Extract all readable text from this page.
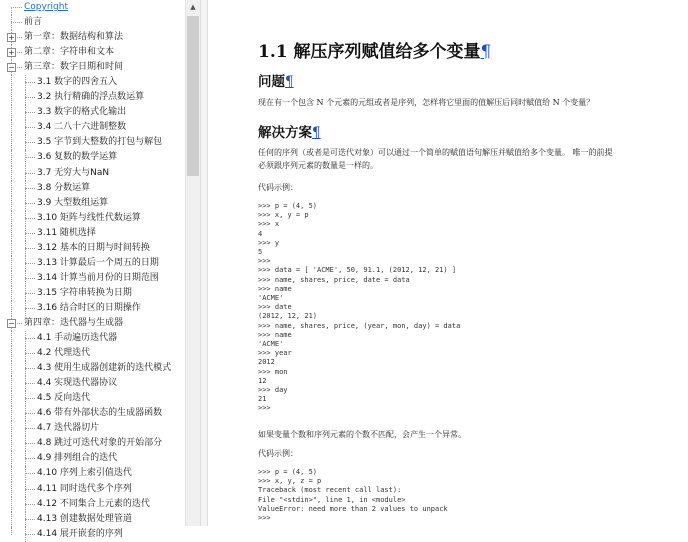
Copyright
前言
+ 第一章：数据结构和算法
+ 第二章：字符串和文本
− 第三章：数字日期和时间
3.1 数字的四舍五入
3.2 执行精确的浮点数运算
3.3 数字的格式化输出
3.4 二八十六进制整数
3.5 字节到大整数的打包与解包
3.6 复数的数学运算
3.7 无穷大与NaN
3.8 分数运算
3.9 大型数组运算
3.10 矩阵与线性代数运算
3.11 随机选择
3.12 基本的日期与时间转换
3.13 计算最后一个周五的日期
3.14 计算当前月份的日期范围
3.15 字符串转换为日期
3.16 结合时区的日期操作
− 第四章：迭代器与生成器
4.1 手动遍历迭代器
4.2 代理迭代
4.3 使用生成器创建新的迭代模式
4.4 实现迭代器协议
4.5 反向迭代
4.6 带有外部状态的生成器函数
4.7 迭代器切片
4.8 跳过可迭代对象的开始部分
4.9 排列组合的迭代
4.10 序列上索引值迭代
4.11 同时迭代多个序列
4.12 不同集合上元素的迭代
4.13 创建数据处理管道
4.14 展开嵌套的序列
▲
1.1 解压序列赋值给多个变量¶
问题¶
现在有一个包含 N 个元素的元组或者是序列，怎样将它里面的值解压后同时赋值给 N 个变量？
解决方案¶
任何的序列（或者是可迭代对象）可以通过一个简单的赋值语句解压并赋值给多个变量。 唯一的前提
必须跟序列元素的数量是一样的。
代码示例：
>>> p = (4, 5)
>>> x, y = p
>>> x
4
>>> y
5
>>>
>>> data = [ 'ACME', 50, 91.1, (2012, 12, 21) ]
>>> name, shares, price, date = data
>>> name
'ACME'
>>> date
(2012, 12, 21)
>>> name, shares, price, (year, mon, day) = data
>>> name
'ACME'
>>> year
2012
>>> mon
12
>>> day
21
>>>
如果变量个数和序列元素的个数不匹配，会产生一个异常。
代码示例：
>>> p = (4, 5)
>>> x, y, z = p
Traceback (most recent call last):
File "<stdin>", line 1, in <module>
ValueError: need more than 2 values to unpack
>>>
